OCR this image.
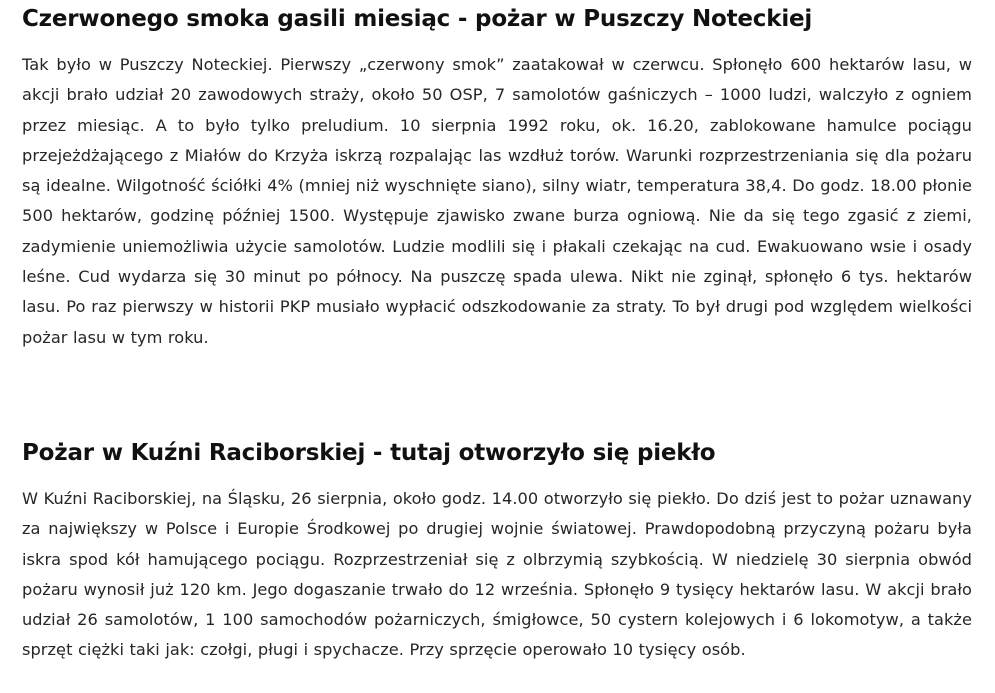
Czerwonego smoka gasili miesiąc - pożar w Puszczy Noteckiej

Tak było w Puszczy Noteckiej. Pierwszy „czerwony smok” zaatakował w czerwcu. Spłonęło 600 hektarów lasu, w akcji brało udział 20 zawodowych straży, około 50 OSP, 7 samolotów gaśniczych – 1000 ludzi, walczyło z ogniem przez miesiąc. A to było tylko preludium. 10 sierpnia 1992 roku, ok. 16.20, zablokowane hamulce pociągu przejeżdżającego z Miałów do Krzyża iskrzą rozpalając las wzdłuż torów. Warunki rozprzestrzeniania się dla pożaru są idealne. Wilgotność ściółki 4% (mniej niż wyschnięte siano), silny wiatr, temperatura 38,4. Do godz. 18.00 płonie 500 hektarów, godzinę później 1500. Występuje zjawisko zwane burza ogniową. Nie da się tego zgasić z ziemi, zadymienie uniemożliwia użycie samolotów. Ludzie modlili się i płakali czekając na cud. Ewakuowano wsie i osady leśne. Cud wydarza się 30 minut po północy. Na puszczę spada ulewa. Nikt nie zginął, spłonęło 6 tys. hektarów lasu. Po raz pierwszy w historii PKP musiało wypłacić odszkodowanie za straty. To był drugi pod względem wielkości pożar lasu w tym roku.

Pożar w Kuźni Raciborskiej - tutaj otworzyło się piekło

W Kuźni Raciborskiej, na Śląsku, 26 sierpnia, około godz. 14.00 otworzyło się piekło. Do dziś jest to pożar uznawany za największy w Polsce i Europie Środkowej po drugiej wojnie światowej. Prawdopodobną przyczyną pożaru była iskra spod kół hamującego pociągu. Rozprzestrzeniał się z olbrzymią szybkością. W niedzielę 30 sierpnia obwód pożaru wynosił już 120 km. Jego dogaszanie trwało do 12 września. Spłonęło 9 tysięcy hektarów lasu. W akcji brało udział 26 samolotów, 1 100 samochodów pożarniczych, śmigłowce, 50 cystern kolejowych i 6 lokomotyw, a także sprzęt ciężki taki jak: czołgi, pługi i spychacze. Przy sprzęcie operowało 10 tysięcy osób.
